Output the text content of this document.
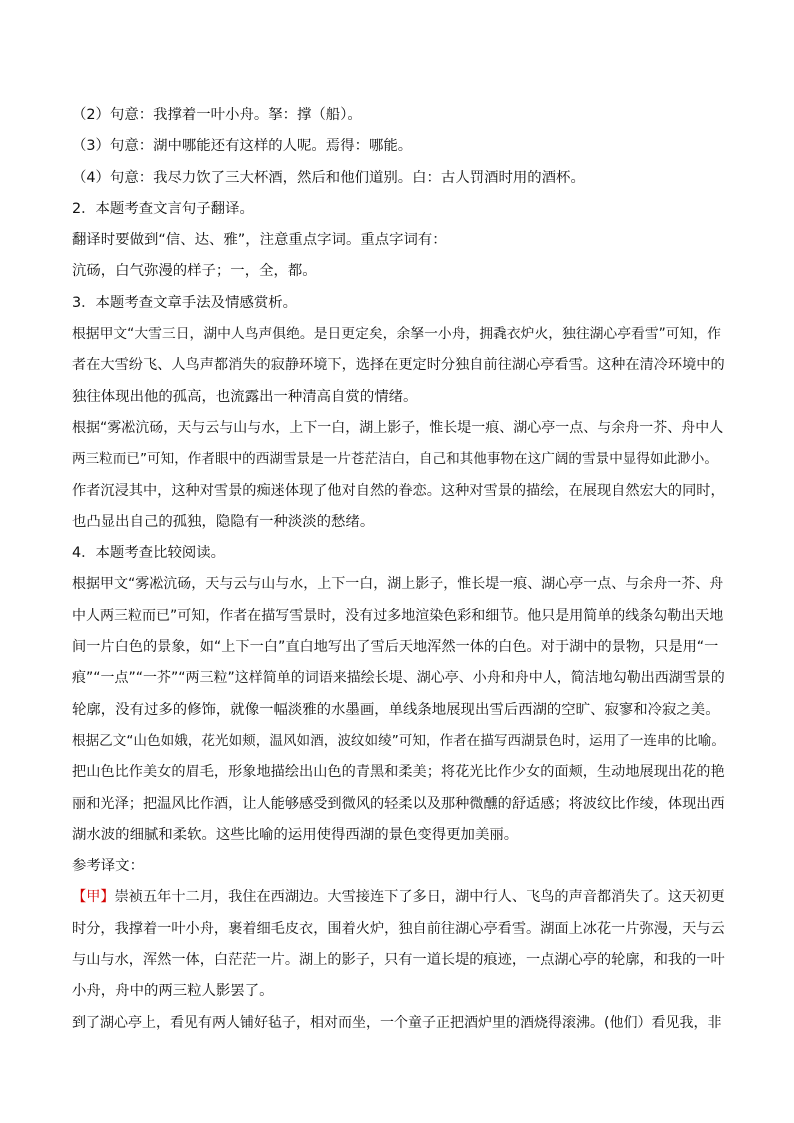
（2）句意：我撑着一叶小舟。拏：撑（船）。
（3）句意：湖中哪能还有这样的人呢。焉得：哪能。
（4）句意：我尽力饮了三大杯酒，然后和他们道别。白：古人罚酒时用的酒杯。
2．本题考查文言句子翻译。
翻译时要做到“信、达、雅”，注意重点字词。重点字词有：
沆砀，白气弥漫的样子；一，全，都。
3．本题考查文章手法及情感赏析。
根据甲文“大雪三日，湖中人鸟声俱绝。是日更定矣，余拏一小舟，拥毳衣炉火，独往湖心亭看雪”可知，作
者在大雪纷飞、人鸟声都消失的寂静环境下，选择在更定时分独自前往湖心亭看雪。这种在清冷环境中的
独往体现出他的孤高，也流露出一种清高自赏的情绪。
根据“雾凇沆砀，天与云与山与水，上下一白，湖上影子，惟长堤一痕、湖心亭一点、与余舟一芥、舟中人
两三粒而已”可知，作者眼中的西湖雪景是一片苍茫洁白，自己和其他事物在这广阔的雪景中显得如此渺小。
作者沉浸其中，这种对雪景的痴迷体现了他对自然的眷恋。这种对雪景的描绘，在展现自然宏大的同时，
也凸显出自己的孤独，隐隐有一种淡淡的愁绪。
4．本题考查比较阅读。
根据甲文“雾凇沆砀，天与云与山与水，上下一白，湖上影子，惟长堤一痕、湖心亭一点、与余舟一芥、舟
中人两三粒而已”可知，作者在描写雪景时，没有过多地渲染色彩和细节。他只是用简单的线条勾勒出天地
间一片白色的景象，如“上下一白”直白地写出了雪后天地浑然一体的白色。对于湖中的景物，只是用“一
痕”“一点”“一芥”“两三粒”这样简单的词语来描绘长堤、湖心亭、小舟和舟中人，简洁地勾勒出西湖雪景的
轮廓，没有过多的修饰，就像一幅淡雅的水墨画，单线条地展现出雪后西湖的空旷、寂寥和冷寂之美。
根据乙文“山色如娥，花光如颊，温风如酒，波纹如绫”可知，作者在描写西湖景色时，运用了一连串的比喻。
把山色比作美女的眉毛，形象地描绘出山色的青黑和柔美；将花光比作少女的面颊，生动地展现出花的艳
丽和光泽；把温风比作酒，让人能够感受到微风的轻柔以及那种微醺的舒适感；将波纹比作绫，体现出西
湖水波的细腻和柔软。这些比喻的运用使得西湖的景色变得更加美丽。
参考译文：
【甲】崇祯五年十二月，我住在西湖边。大雪接连下了多日，湖中行人、飞鸟的声音都消失了。这天初更
时分，我撑着一叶小舟，裹着细毛皮衣，围着火炉，独自前往湖心亭看雪。湖面上冰花一片弥漫，天与云
与山与水，浑然一体，白茫茫一片。湖上的影子，只有一道长堤的痕迹，一点湖心亭的轮廓，和我的一叶
小舟，舟中的两三粒人影罢了。
到了湖心亭上，看见有两人铺好毡子，相对而坐，一个童子正把酒炉里的酒烧得滚沸。(他们）看见我，非
